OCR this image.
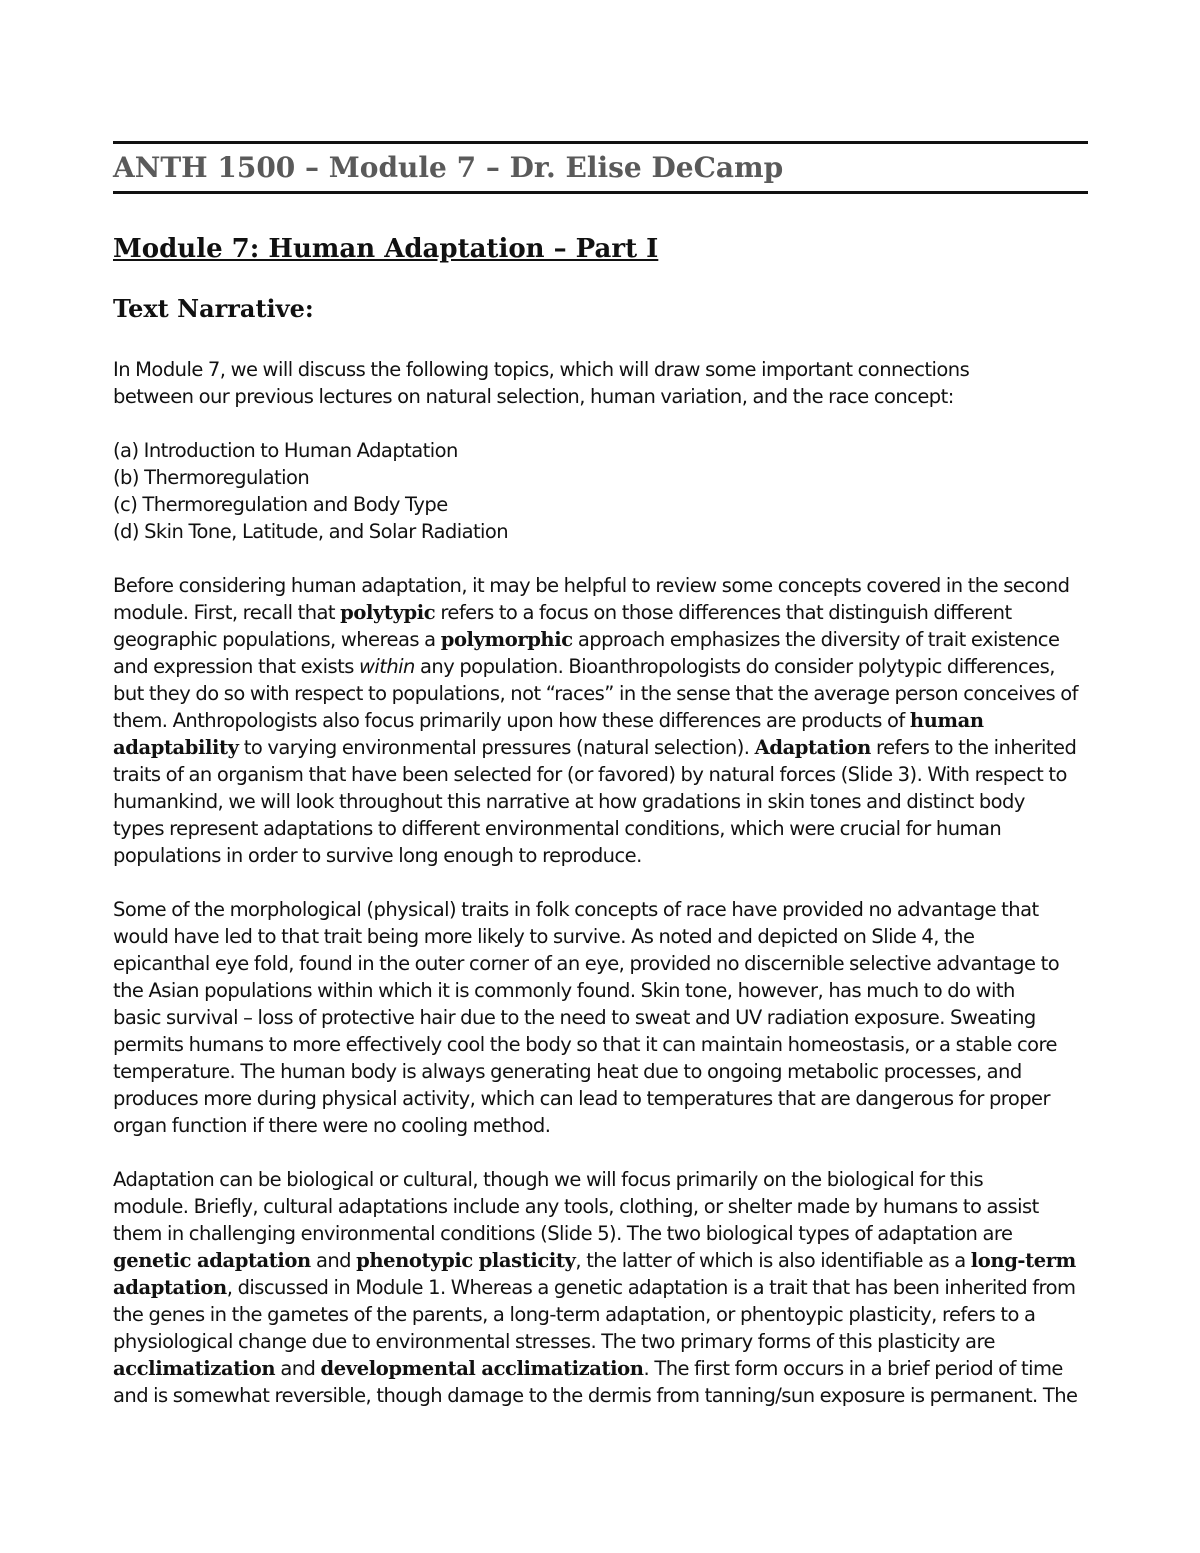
ANTH 1500 – Module 7 – Dr. Elise DeCamp
Module 7: Human Adaptation – Part I
Text Narrative:

In Module 7, we will discuss the following topics, which will draw some important connections
between our previous lectures on natural selection, human variation, and the race concept:

(a) Introduction to Human Adaptation
(b) Thermoregulation
(c) Thermoregulation and Body Type
(d) Skin Tone, Latitude, and Solar Radiation

Before considering human adaptation, it may be helpful to review some concepts covered in the second
module. First, recall that polytypic refers to a focus on those differences that distinguish different
geographic populations, whereas a polymorphic approach emphasizes the diversity of trait existence
and expression that exists within any population. Bioanthropologists do consider polytypic differences,
but they do so with respect to populations, not “races” in the sense that the average person conceives of
them. Anthropologists also focus primarily upon how these differences are products of human
adaptability to varying environmental pressures (natural selection). Adaptation refers to the inherited
traits of an organism that have been selected for (or favored) by natural forces (Slide 3). With respect to
humankind, we will look throughout this narrative at how gradations in skin tones and distinct body
types represent adaptations to different environmental conditions, which were crucial for human
populations in order to survive long enough to reproduce.

Some of the morphological (physical) traits in folk concepts of race have provided no advantage that
would have led to that trait being more likely to survive. As noted and depicted on Slide 4, the
epicanthal eye fold, found in the outer corner of an eye, provided no discernible selective advantage to
the Asian populations within which it is commonly found. Skin tone, however, has much to do with
basic survival – loss of protective hair due to the need to sweat and UV radiation exposure. Sweating
permits humans to more effectively cool the body so that it can maintain homeostasis, or a stable core
temperature. The human body is always generating heat due to ongoing metabolic processes, and
produces more during physical activity, which can lead to temperatures that are dangerous for proper
organ function if there were no cooling method.

Adaptation can be biological or cultural, though we will focus primarily on the biological for this
module. Briefly, cultural adaptations include any tools, clothing, or shelter made by humans to assist
them in challenging environmental conditions (Slide 5). The two biological types of adaptation are
genetic adaptation and phenotypic plasticity, the latter of which is also identifiable as a long-term
adaptation, discussed in Module 1. Whereas a genetic adaptation is a trait that has been inherited from
the genes in the gametes of the parents, a long-term adaptation, or phentoypic plasticity, refers to a
physiological change due to environmental stresses. The two primary forms of this plasticity are
acclimatization and developmental acclimatization. The first form occurs in a brief period of time
and is somewhat reversible, though damage to the dermis from tanning/sun exposure is permanent. The
